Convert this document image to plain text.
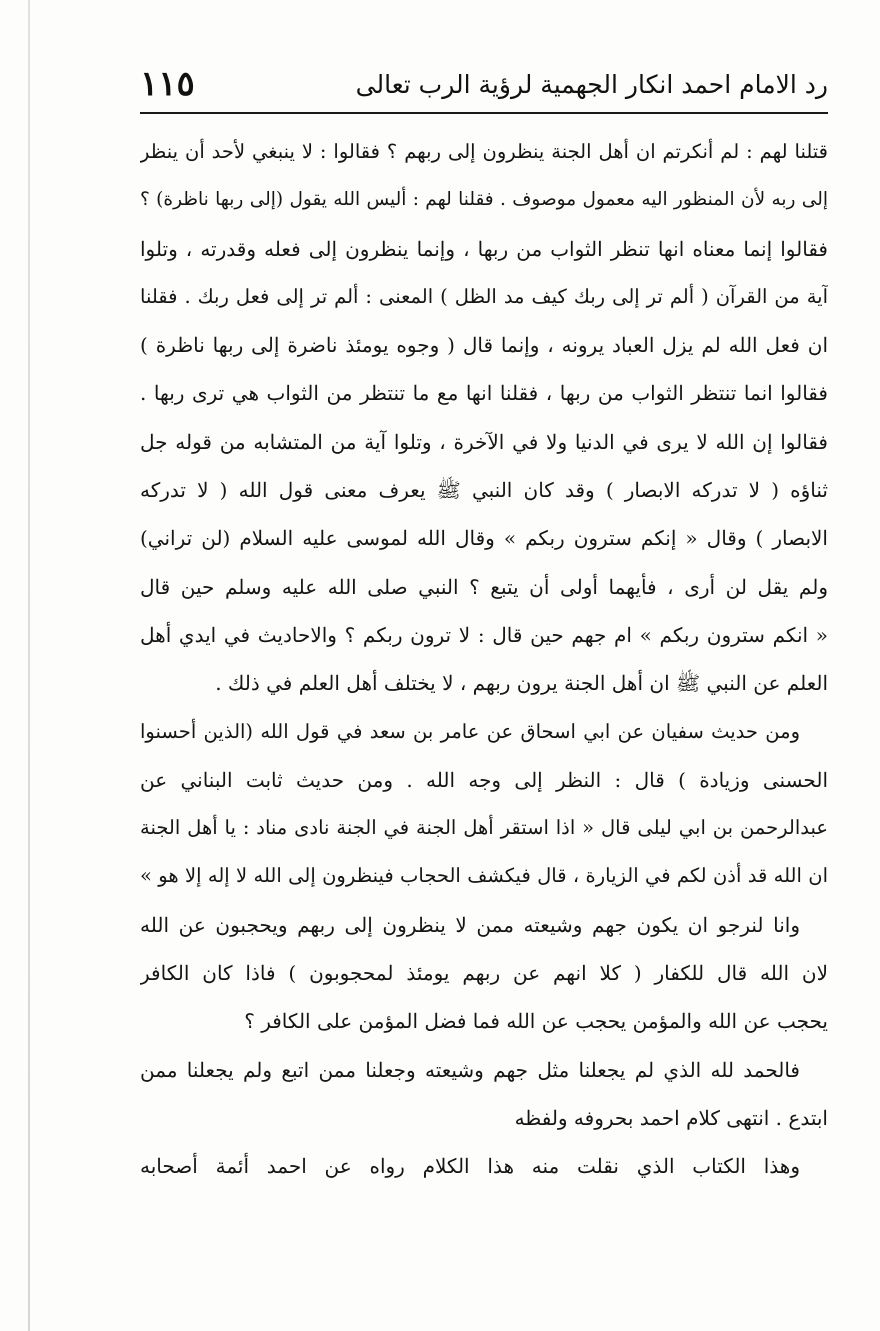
رد الامام احمد انكار الجهمية لرؤية الرب تعالى
١١٥
قتلنا لهم : لم أنكرتم ان أهل الجنة ينظرون إلى ربهم ؟ فقالوا : لا ينبغي لأحد أن ينظر
إلى ربه لأن المنظور اليه معمول موصوف . فقلنا لهم : أليس الله يقول (إلى ربها ناظرة) ؟
فقالوا إنما معناه انها تنظر الثواب من ربها ، وإنما ينظرون إلى فعله وقدرته ، وتلوا
آية من القرآن ( ألم تر إلى ربك كيف مد الظل ) المعنى : ألم تر إلى فعل ربك . فقلنا
ان فعل الله لم يزل العباد يرونه ، وإنما قال ( وجوه يومئذ ناضرة إلى ربها ناظرة )
فقالوا انما تنتظر الثواب من ربها ، فقلنا انها مع ما تنتظر من الثواب هي ترى ربها .
فقالوا إن الله لا يرى في الدنيا ولا في الآخرة ، وتلوا آية من المتشابه من قوله جل
ثناؤه ( لا تدركه الابصار ) وقد كان النبي ﷺ يعرف معنى قول الله ( لا تدركه
الابصار ) وقال « إنكم سترون ربكم » وقال الله لموسى عليه السلام (لن تراني)
ولم يقل لن أرى ، فأيهما أولى أن يتبع ؟ النبي صلى الله عليه وسلم حين قال
« انكم سترون ربكم » ام جهم حين قال : لا ترون ربكم ؟ والاحاديث في ايدي أهل
العلم عن النبي ﷺ ان أهل الجنة يرون ربهم ، لا يختلف أهل العلم في ذلك .
ومن حديث سفيان عن ابي اسحاق عن عامر بن سعد في قول الله (الذين أحسنوا
الحسنى وزيادة ) قال : النظر إلى وجه الله . ومن حديث ثابت البناني عن
عبدالرحمن بن ابي ليلى قال « اذا استقر أهل الجنة في الجنة نادى مناد : يا أهل الجنة
ان الله قد أذن لكم في الزيارة ، قال فيكشف الحجاب فينظرون إلى الله لا إله إلا هو »
وانا لنرجو ان يكون جهم وشيعته ممن لا ينظرون إلى ربهم ويحجبون عن الله
لان الله قال للكفار ( كلا انهم عن ربهم يومئذ لمحجوبون ) فاذا كان الكافر
يحجب عن الله والمؤمن يحجب عن الله فما فضل المؤمن على الكافر ؟
فالحمد لله الذي لم يجعلنا مثل جهم وشيعته وجعلنا ممن اتبع ولم يجعلنا ممن
ابتدع . انتهى كلام احمد بحروفه ولفظه
وهذا الكتاب الذي نقلت منه هذا الكلام رواه عن احمد أئمة أصحابه
